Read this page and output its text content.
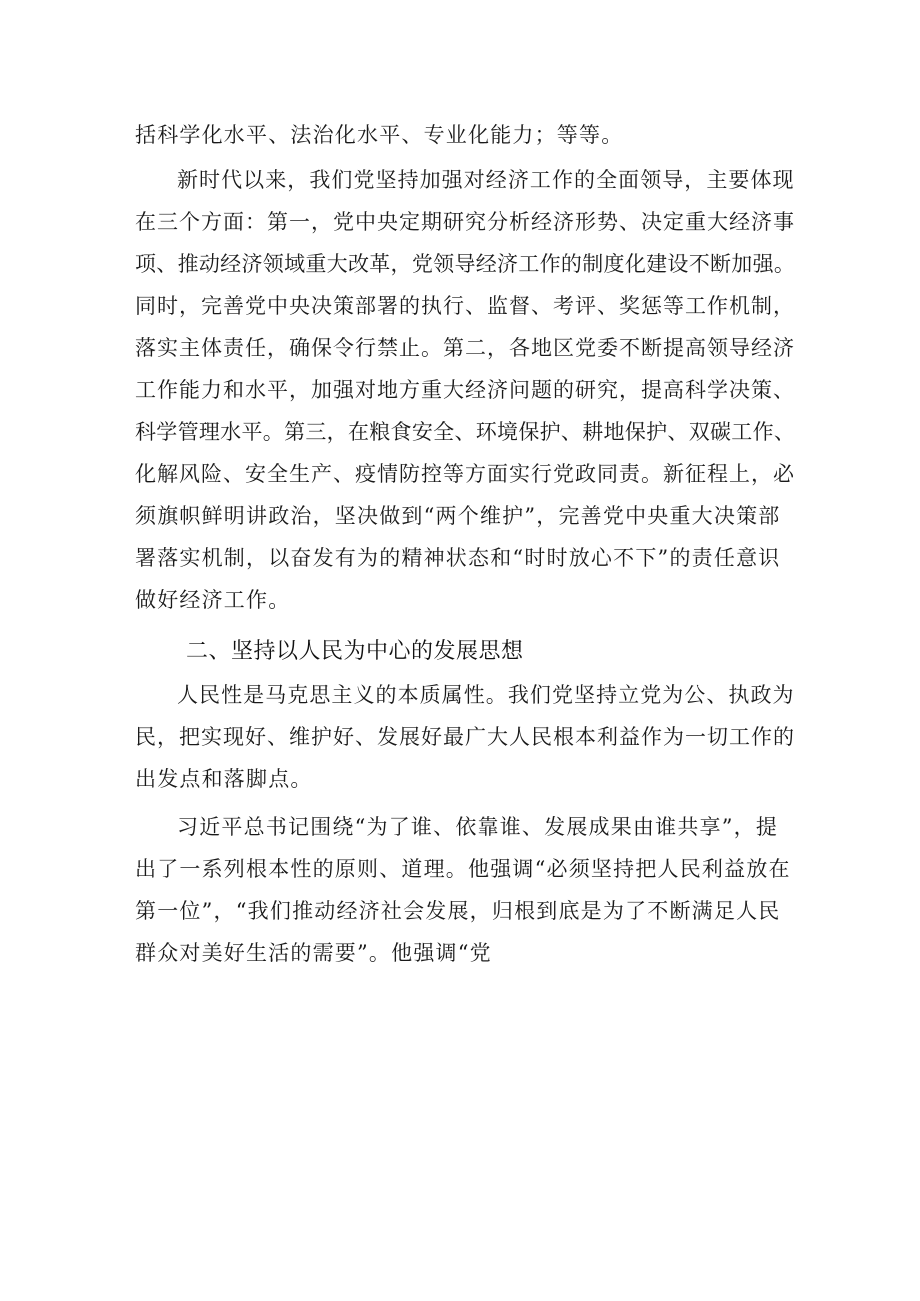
括科学化水平、法治化水平、专业化能力；等等。
新时代以来，我们党坚持加强对经济工作的全面领导，主要体现
在三个方面：第一，党中央定期研究分析经济形势、决定重大经济事
项、推动经济领域重大改革，党领导经济工作的制度化建设不断加强。
同时，完善党中央决策部署的执行、监督、考评、奖惩等工作机制，
落实主体责任，确保令行禁止。第二，各地区党委不断提高领导经济
工作能力和水平，加强对地方重大经济问题的研究，提高科学决策、
科学管理水平。第三，在粮食安全、环境保护、耕地保护、双碳工作、
化解风险、安全生产、疫情防控等方面实行党政同责。新征程上，必
须旗帜鲜明讲政治，坚决做到“两个维护”，完善党中央重大决策部
署落实机制，以奋发有为的精神状态和“时时放心不下”的责任意识
做好经济工作。
二、坚持以人民为中心的发展思想
人民性是马克思主义的本质属性。我们党坚持立党为公、执政为
民，把实现好、维护好、发展好最广大人民根本利益作为一切工作的
出发点和落脚点。
习近平总书记围绕“为了谁、依靠谁、发展成果由谁共享”，提
出了一系列根本性的原则、道理。他强调“必须坚持把人民利益放在
第一位”，“我们推动经济社会发展，归根到底是为了不断满足人民
群众对美好生活的需要”。他强调“党
